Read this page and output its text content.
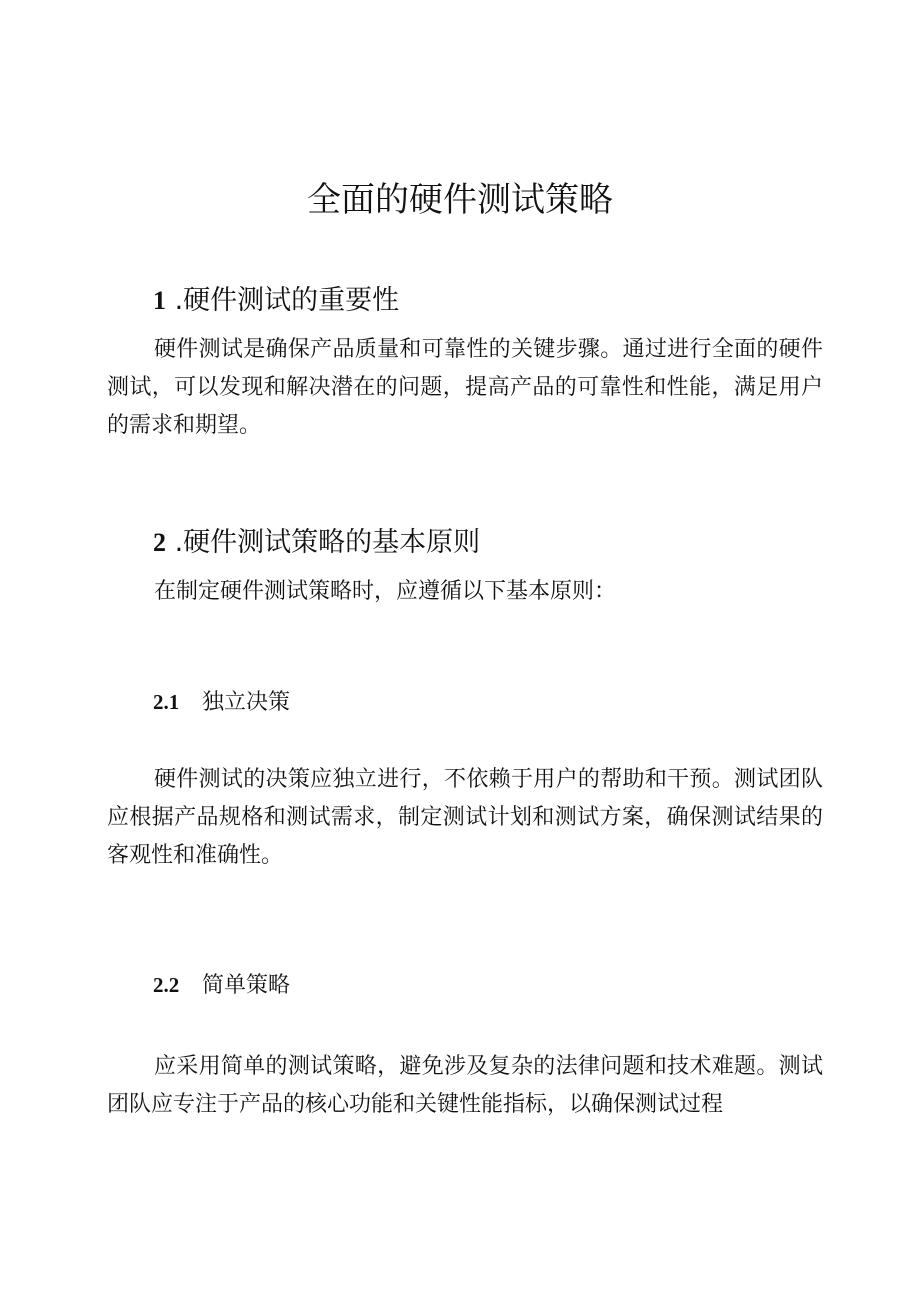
全面的硬件测试策略
1 .硬件测试的重要性

硬件测试是确保产品质量和可靠性的关键步骤。通过进行全面的硬件测试，可以发现和解决潜在的问题，提高产品的可靠性和性能，满足用户的需求和期望。

2 .硬件测试策略的基本原则

在制定硬件测试策略时，应遵循以下基本原则：

2.1 独立决策

硬件测试的决策应独立进行，不依赖于用户的帮助和干预。测试团队应根据产品规格和测试需求，制定测试计划和测试方案，确保测试结果的客观性和准确性。

2.2 简单策略

应采用简单的测试策略，避免涉及复杂的法律问题和技术难题。测试团队应专注于产品的核心功能和关键性能指标，以确保测试过程
